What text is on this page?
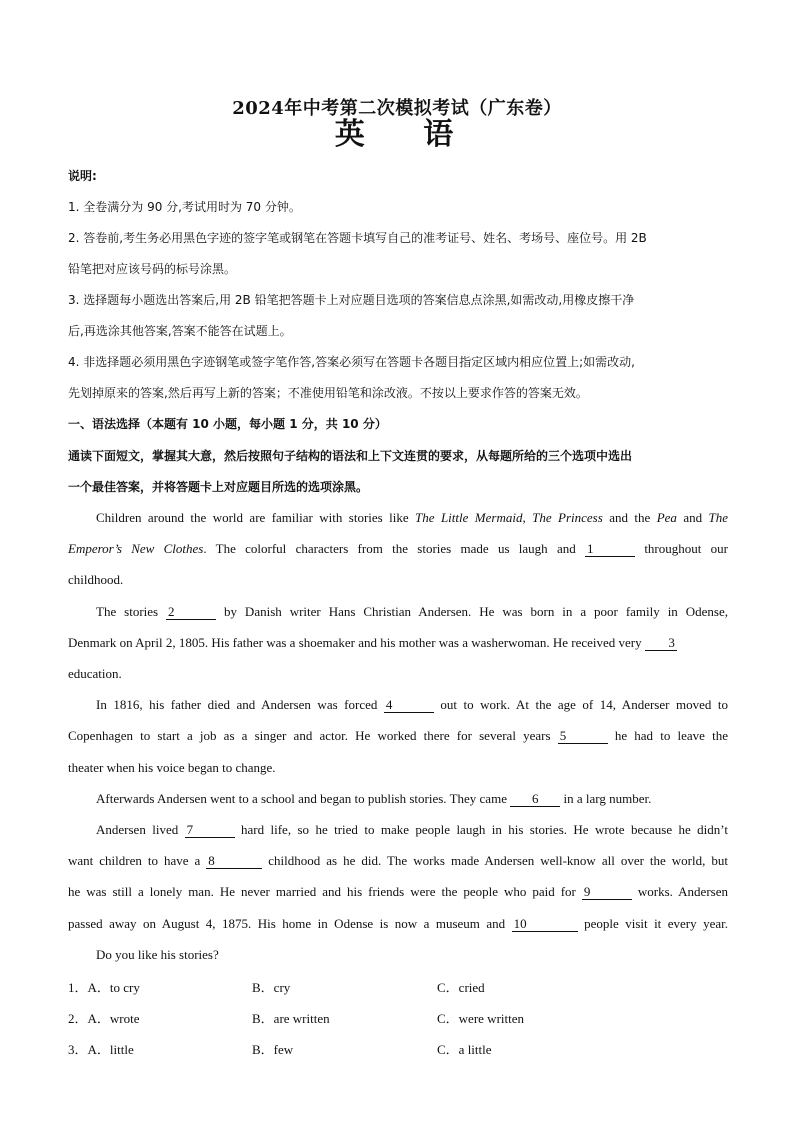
2024年中考第二次模拟考试（广东卷）
英 语
说明:
1. 全卷满分为 90 分,考试用时为 70 分钟。
2. 答卷前,考生务必用黑色字迹的签字笔或钢笔在答题卡填写自己的准考证号、姓名、考场号、座位号。用 2B
铅笔把对应该号码的标号涂黑。
3. 选择题每小题选出答案后,用 2B 铅笔把答题卡上对应题目选项的答案信息点涂黑,如需改动,用橡皮擦干净
后,再选涂其他答案,答案不能答在试题上。
4. 非选择题必须用黑色字迹钢笔或签字笔作答,答案必须写在答题卡各题目指定区域内相应位置上;如需改动,
先划掉原来的答案,然后再写上新的答案；不准使用铅笔和涂改液。不按以上要求作答的答案无效。
一、语法选择（本题有 10 小题，每小题 1 分，共 10 分）
通读下面短文，掌握其大意，然后按照句子结构的语法和上下文连贯的要求，从每题所给的三个选项中选出
一个最佳答案，并将答题卡上对应题目所选的选项涂黑。
Children around the world are familiar with stories like The Little Mermaid, The Princess and the Pea and The
Emperor’s New Clothes. The colorful characters from the stories made us laugh and 1	throughout our
childhood.
The stories 2	by Danish writer Hans Christian Andersen. He was born in a poor family in Odense,
Denmark on April 2, 1805. His father was a shoemaker and his mother was a washerwoman. He received very 3
education.
In 1816, his father died and Andersen was forced 4	out to work. At the age of 14, Anderser moved to
Copenhagen to start a job as a singer and actor. He worked there for several years 5	he had to leave the
theater when his voice began to change.
Afterwards Andersen went to a school and began to publish stories. They came 6 in a larg number.
Andersen lived 7	hard life, so he tried to make people laugh in his stories. He wrote because he didn’t
want children to have a 8	childhood as he did. The works made Andersen well-know all over the world, but
he was still a lonely man. He never married and his friends were the people who paid for 9	works. Andersen
passed away on August 4, 1875. His home in Odense is now a museum and 10	people visit it every year.
Do you like his stories?
1．A．to cry	B．cry	C．cried
2．A．wrote	B．are written	C．were written
3．A．little	B．few	C．a little
